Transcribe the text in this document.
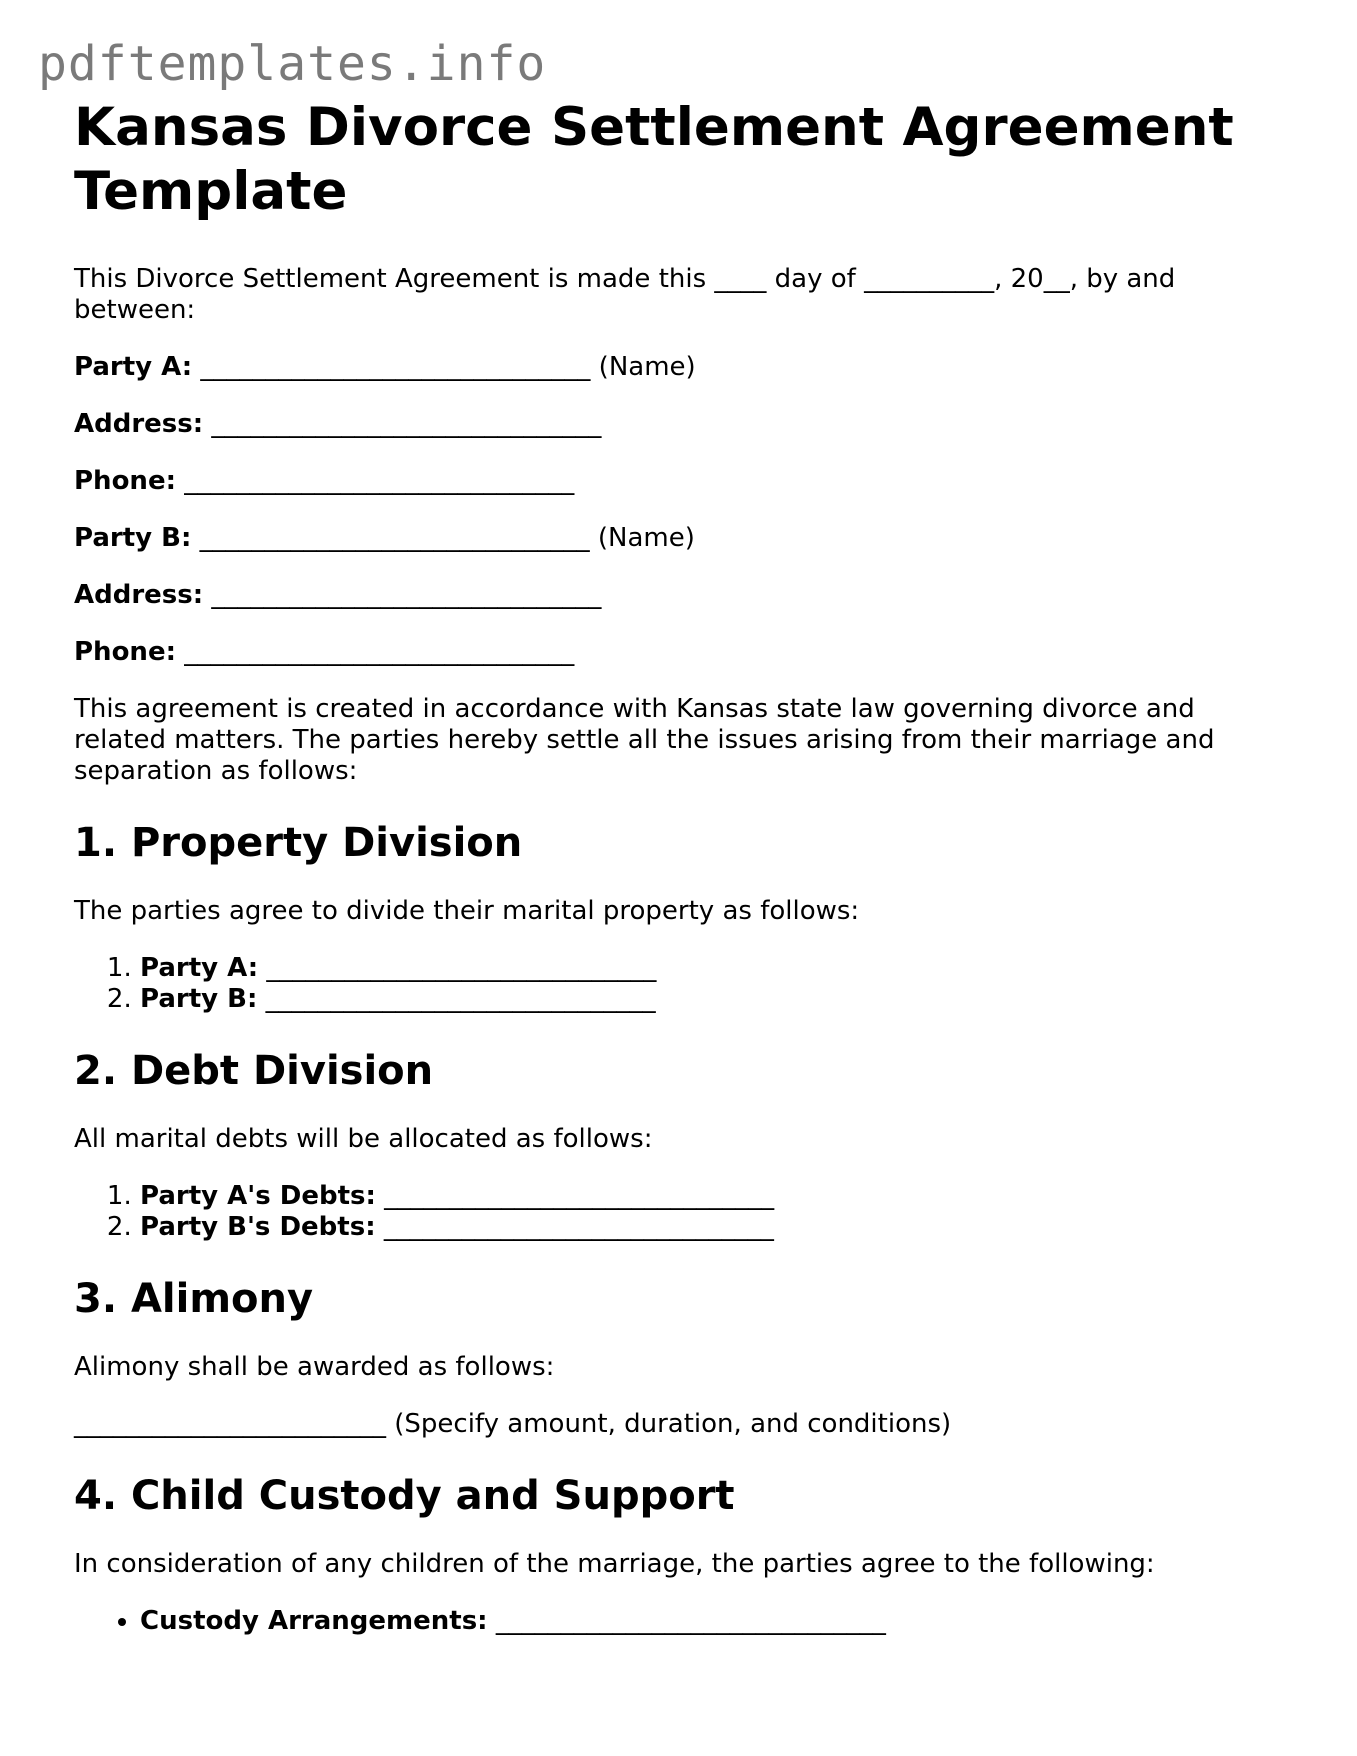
pdftemplates.info
Kansas Divorce Settlement Agreement Template

This Divorce Settlement Agreement is made this ____ day of __________, 20__, by and between:

Party A: ______________________________ (Name)

Address: ______________________________

Phone: ______________________________

Party B: ______________________________ (Name)

Address: ______________________________

Phone: ______________________________

This agreement is created in accordance with Kansas state law governing divorce and related matters. The parties hereby settle all the issues arising from their marriage and separation as follows:

1. Property Division

The parties agree to divide their marital property as follows:

1. Party A: ______________________________
2. Party B: ______________________________
2. Debt Division

All marital debts will be allocated as follows:

1. Party A's Debts: ______________________________
2. Party B's Debts: ______________________________
3. Alimony

Alimony shall be awarded as follows:

________________________ (Specify amount, duration, and conditions)

4. Child Custody and Support

In consideration of any children of the marriage, the parties agree to the following:

• Custody Arrangements: ______________________________
